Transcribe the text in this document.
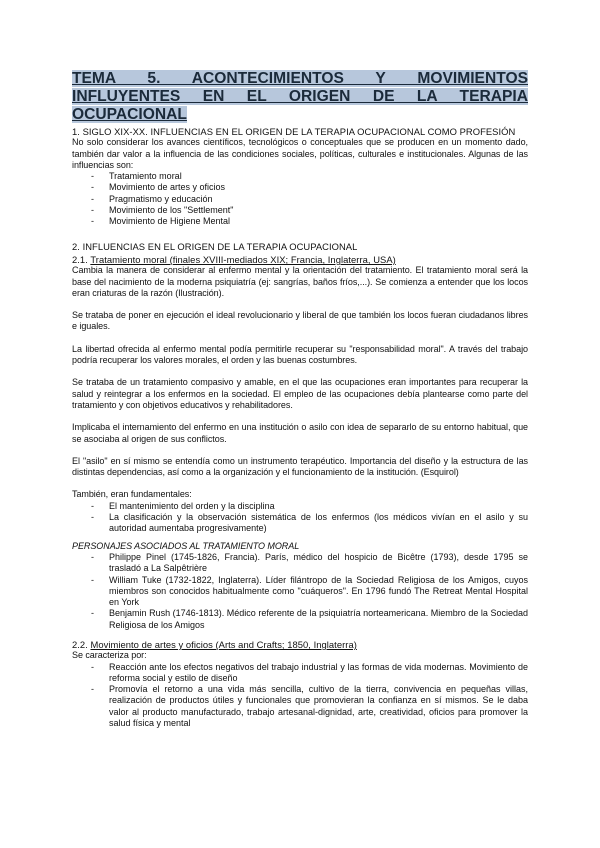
TEMA 5. ACONTECIMIENTOS Y MOVIMIENTOS INFLUYENTES EN EL ORIGEN DE LA TERAPIA OCUPACIONAL
1. SIGLO XIX-XX. INFLUENCIAS EN EL ORIGEN DE LA TERAPIA OCUPACIONAL COMO PROFESIÓN

No solo considerar los avances científicos, tecnológicos o conceptuales que se producen en un momento dado, también dar valor a la influencia de las condiciones sociales, políticas, culturales e institucionales. Algunas de las influencias son:

- Tratamiento moral
- Movimiento de artes y oficios
- Pragmatismo y educación
- Movimiento de los "Settlement"
- Movimiento de Higiene Mental
2. INFLUENCIAS EN EL ORIGEN DE LA TERAPIA OCUPACIONAL
2.1. Tratamiento moral (finales XVIII-mediados XIX; Francia, Inglaterra, USA)

Cambia la manera de considerar al enfermo mental y la orientación del tratamiento. El tratamiento moral será la base del nacimiento de la moderna psiquiatría (ej: sangrías, baños fríos,...). Se comienza a entender que los locos eran criaturas de la razón (Ilustración).

Se trataba de poner en ejecución el ideal revolucionario y liberal de que también los locos fueran ciudadanos libres e iguales.

La libertad ofrecida al enfermo mental podía permitirle recuperar su "responsabilidad moral". A través del trabajo podría recuperar los valores morales, el orden y las buenas costumbres.

Se trataba de un tratamiento compasivo y amable, en el que las ocupaciones eran importantes para recuperar la salud y reintegrar a los enfermos en la sociedad. El empleo de las ocupaciones debía plantearse como parte del tratamiento y con objetivos educativos y rehabilitadores.

Implicaba el internamiento del enfermo en una institución o asilo con idea de separarlo de su entorno habitual, que se asociaba al origen de sus conflictos.

El "asilo" en sí mismo se entendía como un instrumento terapéutico. Importancia del diseño y la estructura de las distintas dependencias, así como a la organización y el funcionamiento de la institución. (Esquirol)

También, eran fundamentales:

- El mantenimiento del orden y la disciplina
- La clasificación y la observación sistemática de los enfermos (los médicos vivían en el asilo y su autoridad aumentaba progresivamente)

PERSONAJES ASOCIADOS AL TRATAMIENTO MORAL

- Philippe Pinel (1745-1826, Francia). París, médico del hospicio de Bicêtre (1793), desde 1795 se trasladó a La Salpêtrière
- William Tuke (1732-1822, Inglaterra). Líder filántropo de la Sociedad Religiosa de los Amigos, cuyos miembros son conocidos habitualmente como "cuáqueros". En 1796 fundó The Retreat Mental Hospital en York
- Benjamin Rush (1746-1813). Médico referente de la psiquiatría norteamericana. Miembro de la Sociedad Religiosa de los Amigos
2.2. Movimiento de artes y oficios (Arts and Crafts; 1850, Inglaterra)

Se caracteriza por:

- Reacción ante los efectos negativos del trabajo industrial y las formas de vida modernas. Movimiento de reforma social y estilo de diseño
- Promovía el retorno a una vida más sencilla, cultivo de la tierra, convivencia en pequeñas villas, realización de productos útiles y funcionales que promovieran la confianza en sí mismos. Se le daba valor al producto manufacturado, trabajo artesanal-dignidad, arte, creatividad, oficios para promover la salud física y mental
